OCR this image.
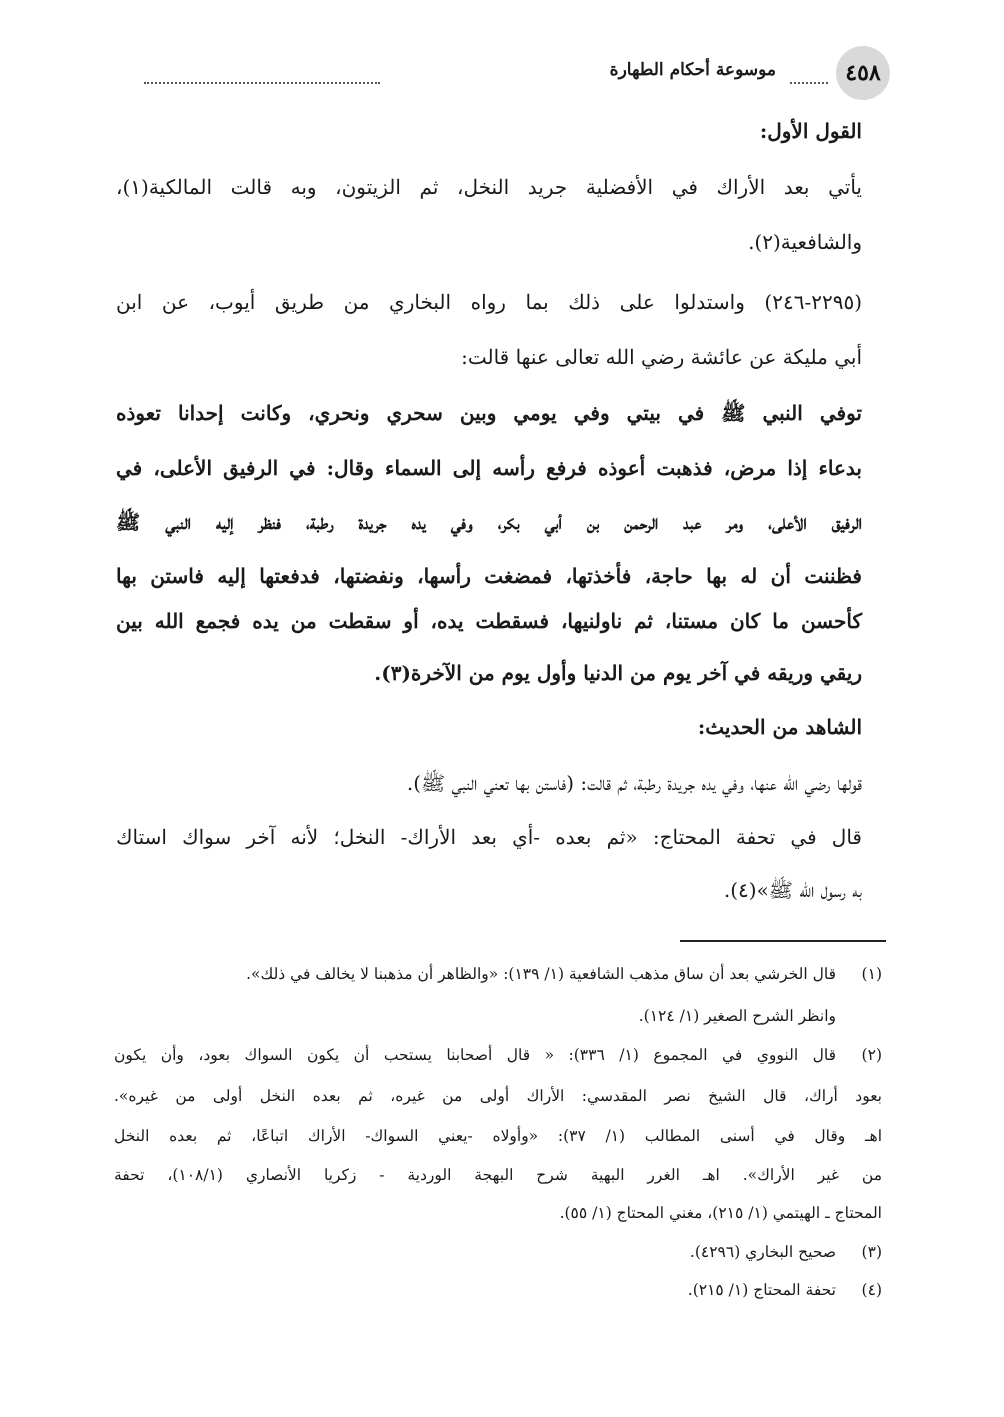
٤٥٨
موسوعة أحكام الطهارة

القول الأول:

يأتي بعد الأراك في الأفضلية جريد النخل، ثم الزيتون، وبه قالت المالكية(١)،

والشافعية(٢).

(٢٢٩٥-٢٤٦) واستدلوا على ذلك بما رواه البخاري من طريق أيوب، عن ابن

أبي مليكة عن عائشة رضي الله تعالى عنها قالت:

توفي النبي ﷺ في بيتي وفي يومي وبين سحري ونحري، وكانت إحدانا تعوذه

بدعاء إذا مرض، فذهبت أعوذه فرفع رأسه إلى السماء وقال: في الرفيق الأعلى، في

الرفيق الأعلى، ومر عبد الرحمن بن أبي بكر، وفي يده جريدة رطبة، فنظر إليه النبي ﷺ

فظننت أن له بها حاجة، فأخذتها، فمضغت رأسها، ونفضتها، فدفعتها إليه فاستن بها

كأحسن ما كان مستنا، ثم ناولنيها، فسقطت يده، أو سقطت من يده فجمع الله بين

ريقي وريقه في آخر يوم من الدنيا وأول يوم من الآخرة(٣).

الشاهد من الحديث:

قولها رضي الله عنها، وفي يده جريدة رطبة، ثم قالت: (فاستن بها تعني النبي ﷺ).

قال في تحفة المحتاج: «ثم بعده -أي بعد الأراك- النخل؛ لأنه آخر سواك استاك

به رسول الله ﷺ»(٤).

(١)

قال الخرشي بعد أن ساق مذهب الشافعية (١/ ١٣٩): «والظاهر أن مذهبنا لا يخالف في ذلك».

وانظر الشرح الصغير (١/ ١٢٤).

(٢)

قال النووي في المجموع (١/ ٣٣٦): « قال أصحابنا يستحب أن يكون السواك بعود، وأن يكون

بعود أراك، قال الشيخ نصر المقدسي: الأراك أولى من غيره، ثم بعده النخل أولى من غيره».

اهـ وقال في أسنى المطالب (١/ ٣٧): «وأولاه -يعني السواك- الأراك اتباعًا، ثم بعده النخل

من غير الأراك». اهـ الغرر البهية شرح البهجة الوردية - زكريا الأنصاري (١٠٨/١)، تحفة

المحتاج ـ الهيتمي (١/ ٢١٥)، مغني المحتاج (١/ ٥٥).

(٣)

صحيح البخاري (٤٢٩٦).

(٤)

تحفة المحتاج (١/ ٢١٥).
